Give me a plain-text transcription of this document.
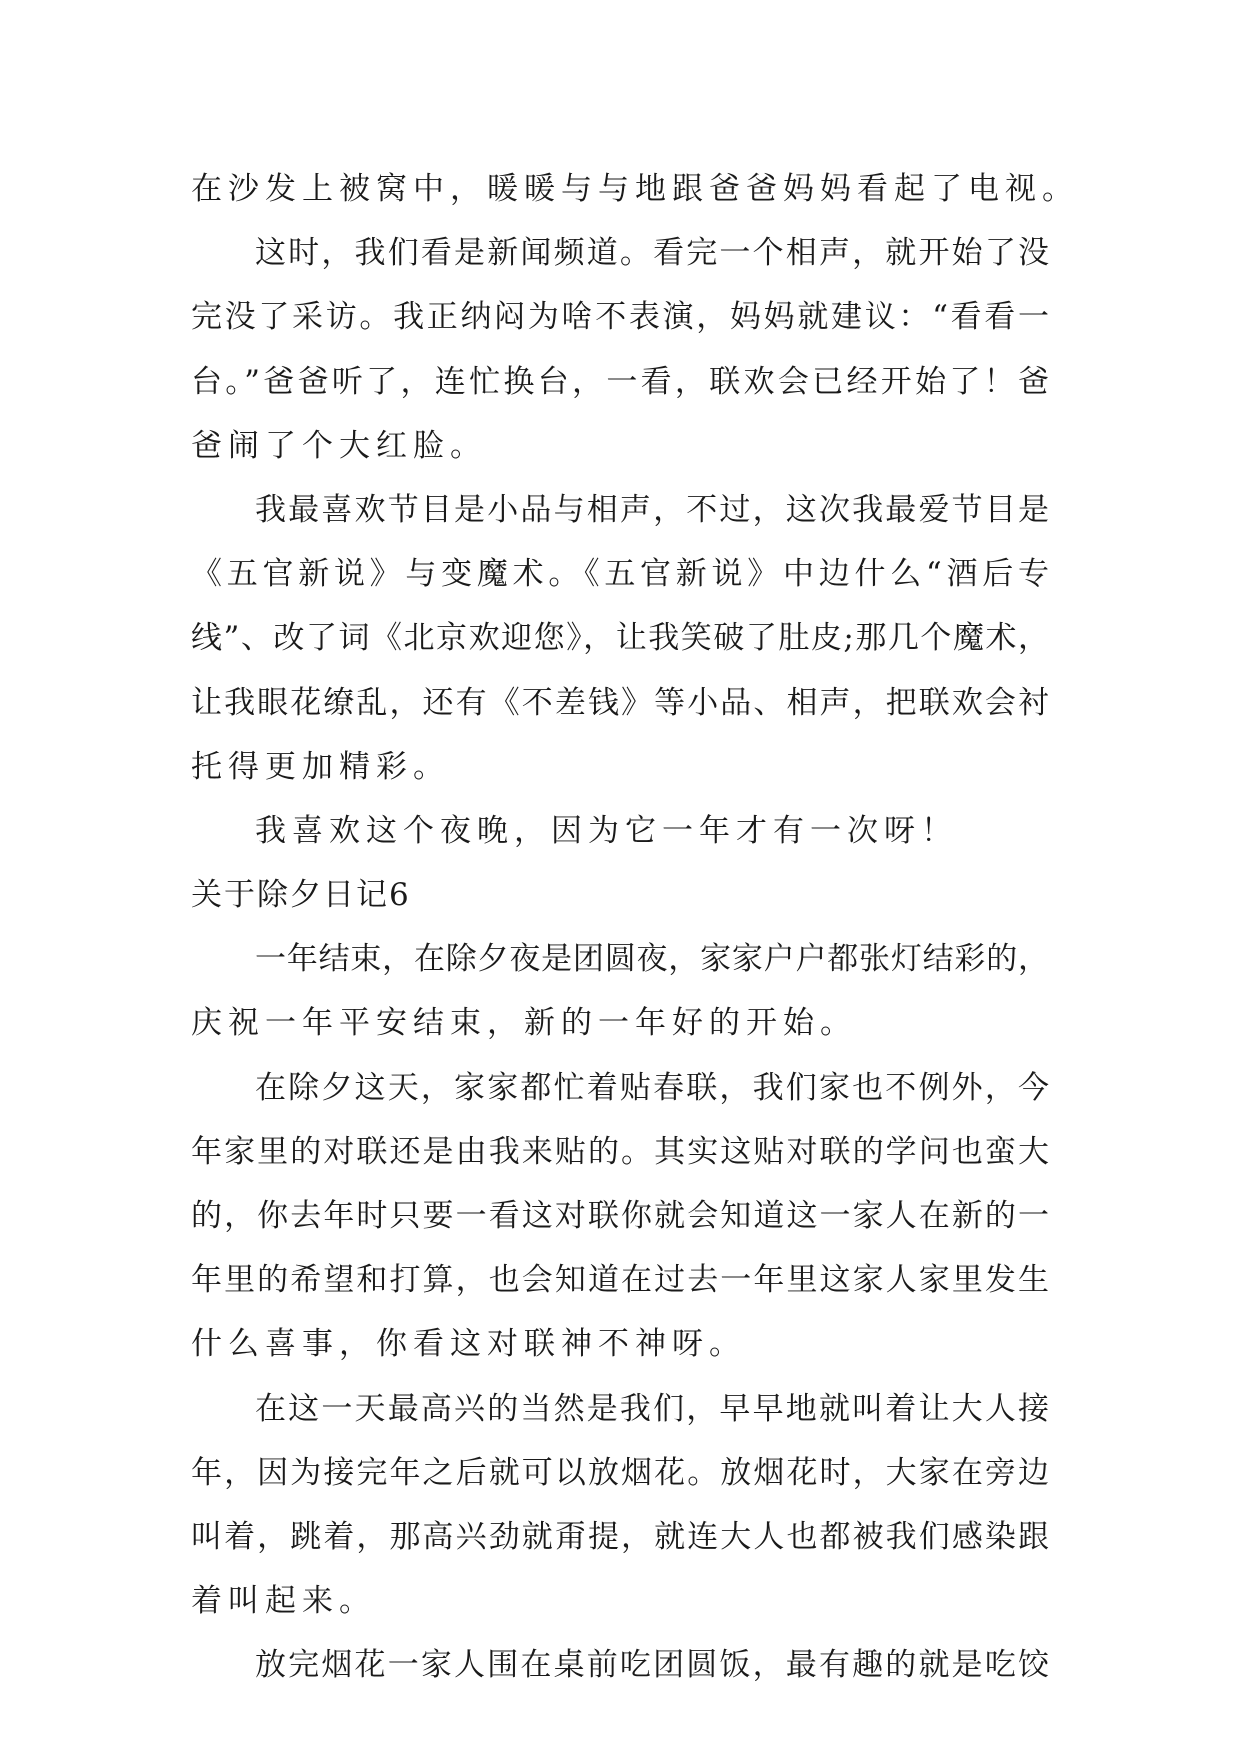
在沙发上被窝中，暖暖与与地跟爸爸妈妈看起了电视。
这时，我们看是新闻频道。看完一个相声，就开始了没
完没了采访。我正纳闷为啥不表演，妈妈就建议：“看看一
台。”爸爸听了，连忙换台，一看，联欢会已经开始了！爸
爸闹了个大红脸。
我最喜欢节目是小品与相声，不过，这次我最爱节目是
《五官新说》与变魔术。《五官新说》中边什么“酒后专
线”、改了词《北京欢迎您》，让我笑破了肚皮;那几个魔术，
让我眼花缭乱，还有《不差钱》等小品、相声，把联欢会衬
托得更加精彩。
我喜欢这个夜晚，因为它一年才有一次呀！
关于除夕日记6
一年结束，在除夕夜是团圆夜，家家户户都张灯结彩的，
庆祝一年平安结束，新的一年好的开始。
在除夕这天，家家都忙着贴春联，我们家也不例外，今
年家里的对联还是由我来贴的。其实这贴对联的学问也蛮大
的，你去年时只要一看这对联你就会知道这一家人在新的一
年里的希望和打算，也会知道在过去一年里这家人家里发生
什么喜事，你看这对联神不神呀。
在这一天最高兴的当然是我们，早早地就叫着让大人接
年，因为接完年之后就可以放烟花。放烟花时，大家在旁边
叫着，跳着，那高兴劲就甭提，就连大人也都被我们感染跟
着叫起来。
放完烟花一家人围在桌前吃团圆饭，最有趣的就是吃饺
